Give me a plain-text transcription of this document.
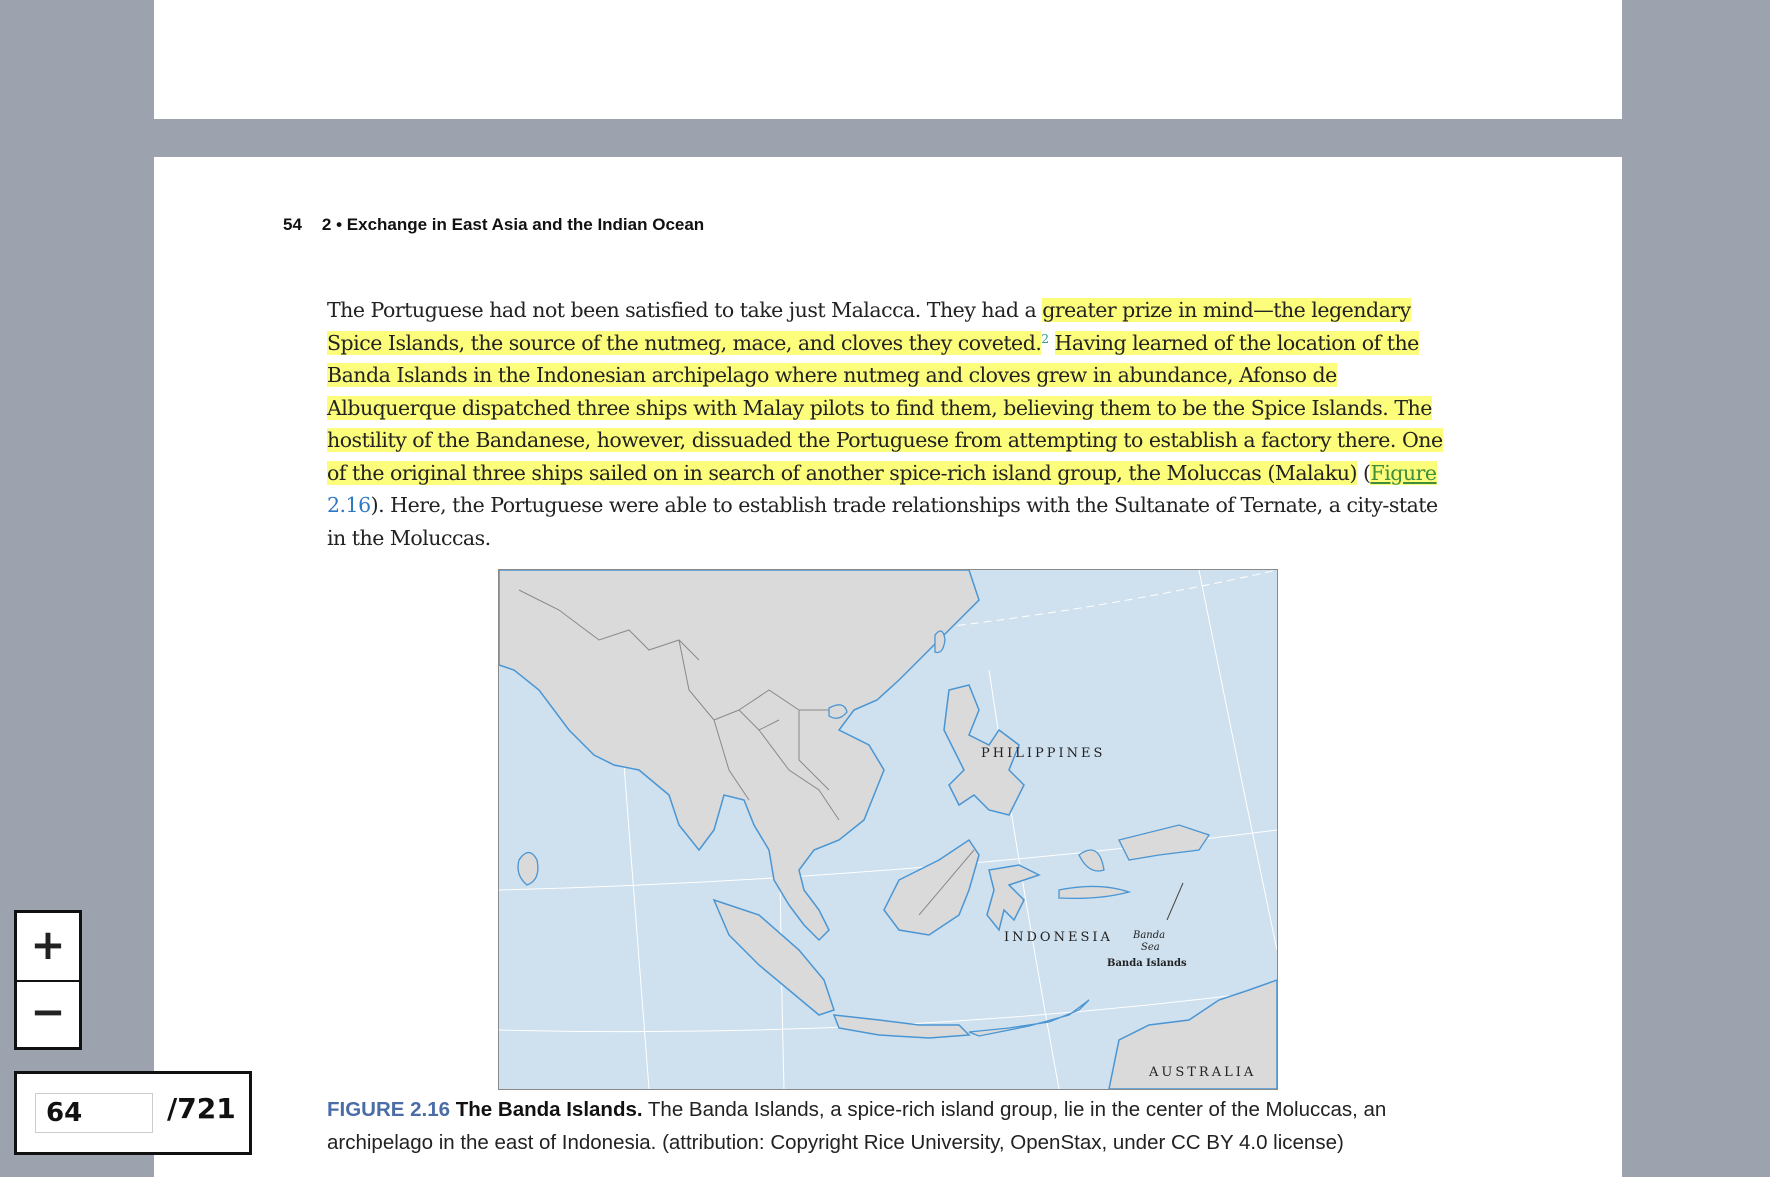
54 2 • Exchange in East Asia and the Indian Ocean

The Portuguese had not been satisfied to take just Malacca. They had a greater prize in mind—the legendary Spice Islands, the source of the nutmeg, mace, and cloves they coveted.$^2$ Having learned of the location of the Banda Islands in the Indonesian archipelago where nutmeg and cloves grew in abundance, Afonso de Albuquerque dispatched three ships with Malay pilots to find them, believing them to be the Spice Islands. The hostility of the Bandanese, however, dissuaded the Portuguese from attempting to establish a factory there. One of the original three ships sailed on in search of another spice-rich island group, the Moluccas (Malaku) (Figure 2.16). Here, the Portuguese were able to establish trade relationships with the Sultanate of Ternate, a city-state in the Moluccas.

PHILIPPINES
INDONESIA Banda
Sea
Banda Islands
AUSTRALIA
FIGURE 2.16 The Banda Islands. The Banda Islands, a spice-rich island group, lie in the center of the Moluccas, an archipelago in the east of Indonesia. (attribution: Copyright Rice University, OpenStax, under CC BY 4.0 license)
+
−
64
/721
